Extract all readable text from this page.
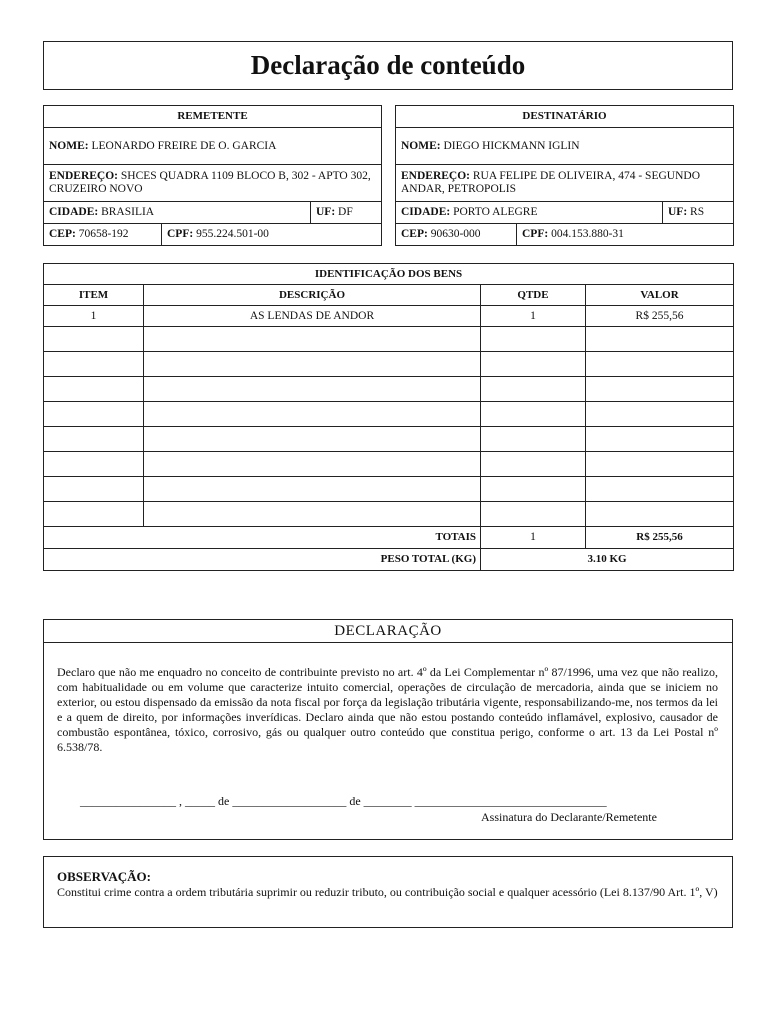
Declaração de conteúdo
REMETENTE		
NOME: LEONARDO FREIRE DE O. GARCIA		
ENDEREÇO: SHCES QUADRA 1109 BLOCO B, 302 - APTO 302, CRUZEIRO NOVO		
CIDADE: BRASILIA		UF: DF
CEP: 70658-192	CPF: 955.224.501-00	
DESTINATÁRIO		
NOME: DIEGO HICKMANN IGLIN		
ENDEREÇO: RUA FELIPE DE OLIVEIRA, 474 - SEGUNDO ANDAR, PETROPOLIS		
CIDADE: PORTO ALEGRE		UF: RS
CEP: 90630-000	CPF: 004.153.880-31	
IDENTIFICAÇÃO DOS BENS			
ITEM	DESCRIÇÃO	QTDE	VALOR
1	AS LENDAS DE ANDOR	1	R$ 255,56

TOTAIS		1	R$ 255,56
PESO TOTAL (KG)		3.10 KG	
DECLARAÇÃO
Declaro que não me enquadro no conceito de contribuinte previsto no art. 4º da Lei Complementar nº 87/1996, uma vez que não realizo, com habitualidade ou em volume que caracterize intuito comercial, operações de circulação de mercadoria, ainda que se iniciem no exterior, ou estou dispensado da emissão da nota fiscal por força da legislação tributária vigente, responsabilizando-me, nos termos da lei e a quem de direito, por informações inverídicas. Declaro ainda que não estou postando conteúdo inflamável, explosivo, causador de combustão espontânea, tóxico, corrosivo, gás ou qualquer outro conteúdo que constitua perigo, conforme o art. 13 da Lei Postal nº 6.538/78.
________________ , _____ de ___________________ de ________ ________________________________
Assinatura do Declarante/Remetente
OBSERVAÇÃO:
Constitui crime contra a ordem tributária suprimir ou reduzir tributo, ou contribuição social e qualquer acessório (Lei 8.137/90 Art. 1º, V)
